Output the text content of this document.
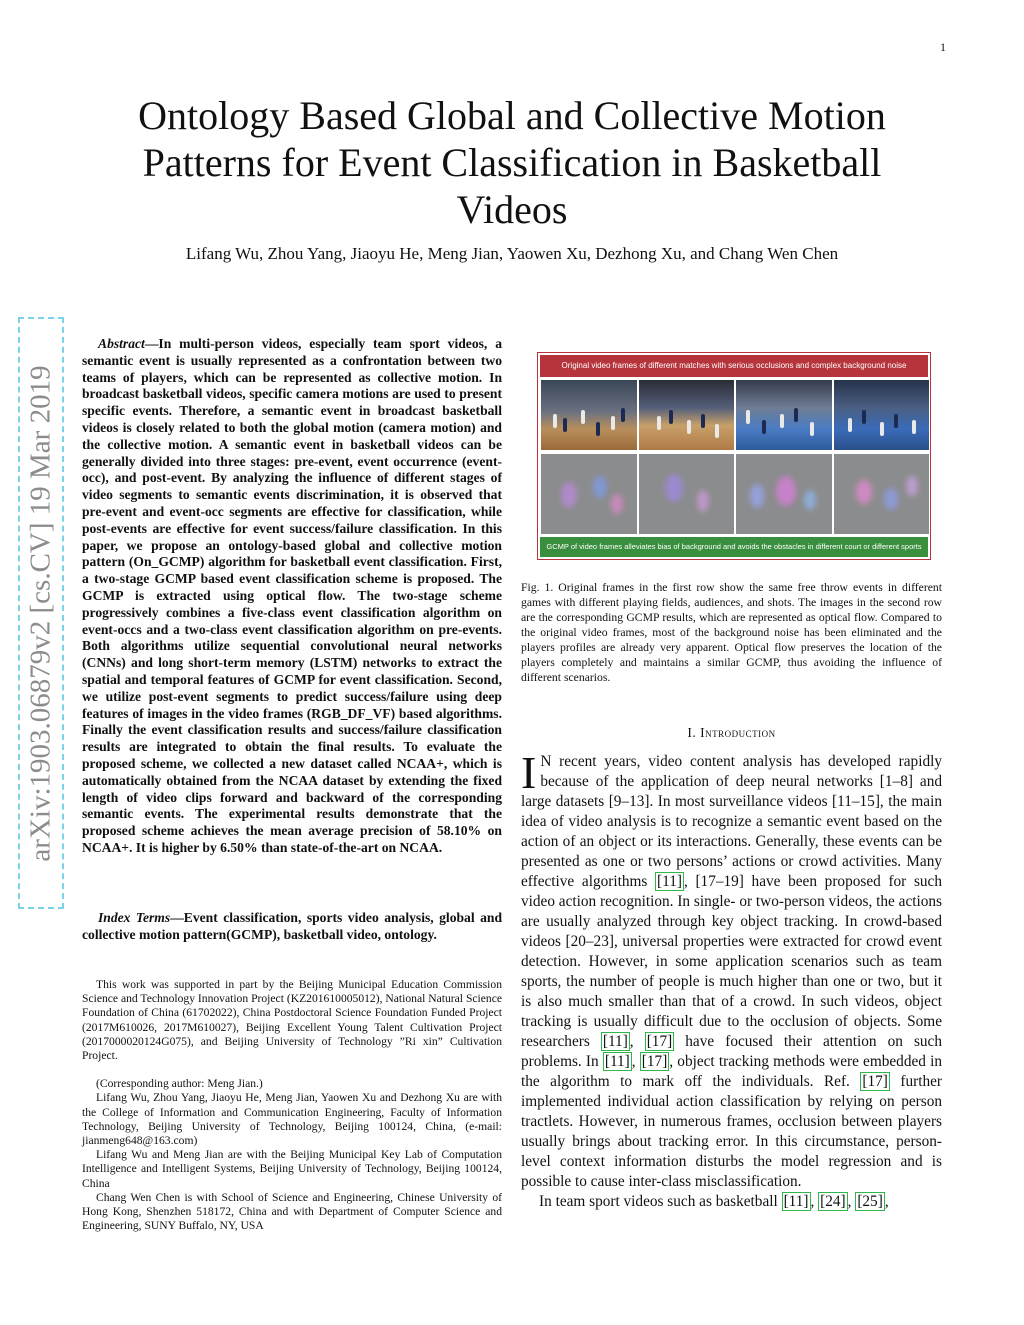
1
Ontology Based Global and Collective Motion Patterns for Event Classification in Basketball Videos
Lifang Wu, Zhou Yang, Jiaoyu He, Meng Jian, Yaowen Xu, Dezhong Xu, and Chang Wen Chen
arXiv:1903.06879v2 [cs.CV] 19 Mar 2019

Abstract—In multi-person videos, especially team sport videos, a semantic event is usually represented as a confrontation between two teams of players, which can be represented as collective motion. In broadcast basketball videos, specific camera motions are used to present specific events. Therefore, a semantic event in broadcast basketball videos is closely related to both the global motion (camera motion) and the collective motion. A semantic event in basketball videos can be generally divided into three stages: pre-event, event occurrence (event-occ), and post-event. By analyzing the influence of different stages of video segments to semantic events discrimination, it is observed that pre-event and event-occ segments are effective for classification, while post-events are effective for event success/failure classification. In this paper, we propose an ontology-based global and collective motion pattern (On_GCMP) algorithm for basketball event classification. First, a two-stage GCMP based event classification scheme is proposed. The GCMP is extracted using optical flow. The two-stage scheme progressively combines a five-class event classification algorithm on event-occs and a two-class event classification algorithm on pre-events. Both algorithms utilize sequential convolutional neural networks (CNNs) and long short-term memory (LSTM) networks to extract the spatial and temporal features of GCMP for event classification. Second, we utilize post-event segments to predict success/failure using deep features of images in the video frames (RGB_DF_VF) based algorithms. Finally the event classification results and success/failure classification results are integrated to obtain the final results. To evaluate the proposed scheme, we collected a new dataset called NCAA+, which is automatically obtained from the NCAA dataset by extending the fixed length of video clips forward and backward of the corresponding semantic events. The experimental results demonstrate that the proposed scheme achieves the mean average precision of 58.10% on NCAA+. It is higher by 6.50% than state-of-the-art on NCAA.

Index Terms—Event classification, sports video analysis, global and collective motion pattern(GCMP), basketball video, ontology.

This work was supported in part by the Beijing Municipal Education Commission Science and Technology Innovation Project (KZ201610005012), National Natural Science Foundation of China (61702022), China Postdoctoral Science Foundation Funded Project (2017M610026, 2017M610027), Beijing Excellent Young Talent Cultivation Project (2017000020124G075), and Beijing University of Technology ”Ri xin” Cultivation Project.

(Corresponding author: Meng Jian.)

Lifang Wu, Zhou Yang, Jiaoyu He, Meng Jian, Yaowen Xu and Dezhong Xu are with the College of Information and Communication Engineering, Faculty of Information Technology, Beijing University of Technology, Beijing 100124, China, (e-mail: jianmeng648@163.com)

Lifang Wu and Meng Jian are with the Beijing Municipal Key Lab of Computation Intelligence and Intelligent Systems, Beijing University of Technology, Beijing 100124, China

Chang Wen Chen is with School of Science and Engineering, Chinese University of Hong Kong, Shenzhen 518172, China and with Department of Computer Science and Engineering, SUNY Buffalo, NY, USA

Original video frames of different matches with serious occlusions and complex background noise
GCMP of video frames alleviates bias of background and avoids the obstacles in different court or different sports wears
Fig. 1. Original frames in the first row show the same free throw events in different games with different playing fields, audiences, and shots. The images in the second row are the corresponding GCMP results, which are represented as optical flow. Compared to the original video frames, most of the background noise has been eliminated and the players profiles are already very apparent. Optical flow preserves the location of the players completely and maintains a similar GCMP, thus avoiding the influence of different scenarios.
I. Introduction

I N recent years, video content analysis has developed rapidly because of the application of deep neural networks [1–8] and large datasets [9–13]. In most surveillance videos [11–15], the main idea of video analysis is to recognize a semantic event based on the action of an object or its interactions. Generally, these events can be presented as one or two persons’ actions or crowd activities. Many effective algorithms [11] , [17–19] have been proposed for such video action recognition. In single- or two-person videos, the actions are usually analyzed through key object tracking. In crowd-based videos [20–23], universal properties were extracted for crowd event detection. However, in some application scenarios such as team sports, the number of people is much higher than one or two, but it is also much smaller than that of a crowd. In such videos, object tracking is usually difficult due to the occlusion of objects. Some researchers [11] , [17] have focused their attention on such problems. In [11] , [17] , object tracking methods were embedded in the algorithm to mark off the individuals. Ref. [17] further implemented individual action classification by relying on person tractlets. However, in numerous frames, occlusion between players usually brings about tracking error. In this circumstance, person-level context information disturbs the model regression and is possible to cause inter-class misclassification.

In team sport videos such as basketball [11] , [24] , [25] ,
